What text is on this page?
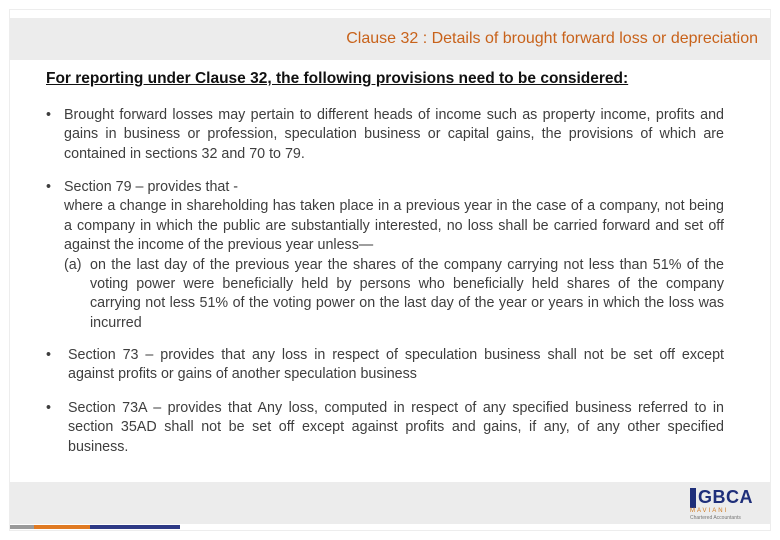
Clause 32 : Details of brought forward loss or depreciation
For reporting under Clause 32, the following provisions need to be considered:
• Brought forward losses may pertain to different heads of income such as property income, profits and gains in business or profession, speculation business or capital gains, the provisions of which are contained in sections 32 and 70 to 79.
• Section 79 – provides that -
where a change in shareholding has taken place in a previous year in the case of a company, not being a company in which the public are substantially interested, no loss shall be carried forward and set off against the income of the previous year unless—
(a) on the last day of the previous year the shares of the company carrying not less than 51% of the voting power were beneficially held by persons who beneficially held shares of the company carrying not less 51% of the voting power on the last day of the year or years in which the loss was incurred
• Section 73 – provides that any loss in respect of speculation business shall not be set off except against profits or gains of another speculation business
• Section 73A – provides that Any loss, computed in respect of any specified business referred to in section 35AD shall not be set off except against profits and gains, if any, of any other specified business.
GBCA
MAVIANI
Chartered Accountants
